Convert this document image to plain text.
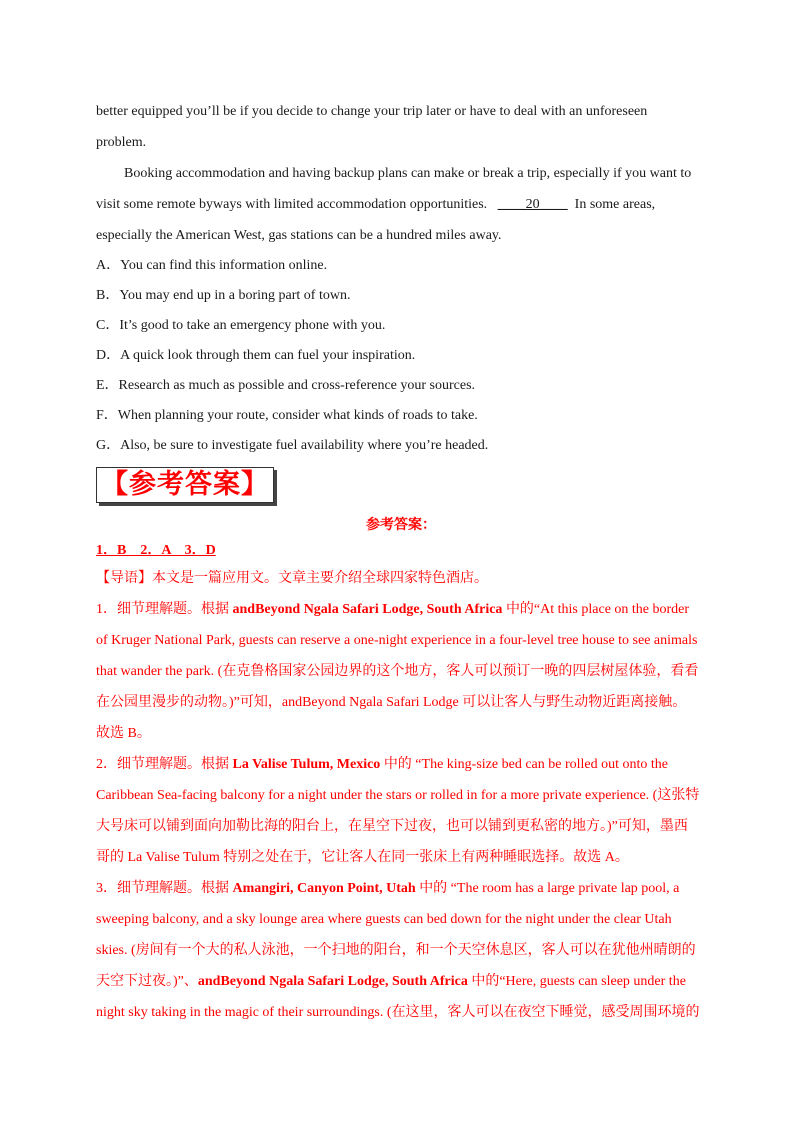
better equipped you’ll be if you decide to change your trip later or have to deal with an unforeseen

problem.

Booking accommodation and having backup plans can make or break a trip, especially if you want to

visit some remote byways with limited accommodation opportunities. ____20____ In some areas,

especially the American West, gas stations can be a hundred miles away.

A．You can find this information online.

B．You may end up in a boring part of town.

C．It’s good to take an emergency phone with you.

D．A quick look through them can fuel your inspiration.

E．Research as much as possible and cross-reference your sources.

F．When planning your route, consider what kinds of roads to take.

G．Also, be sure to investigate fuel availability where you’re headed.

【参考答案】

参考答案：

1．B　2．A　3．D

【导语】本文是一篇应用文。文章主要介绍全球四家特色酒店。

1．细节理解题。根据 andBeyond Ngala Safari Lodge, South Africa 中的“At this place on the border

of Kruger National Park, guests can reserve a one-night experience in a four-level tree house to see animals

that wander the park. (在克鲁格国家公园边界的这个地方，客人可以预订一晚的四层树屋体验，看看

在公园里漫步的动物。)”可知，andBeyond Ngala Safari Lodge 可以让客人与野生动物近距离接触。

故选 B。

2．细节理解题。根据 La Valise Tulum, Mexico 中的 “The king-size bed can be rolled out onto the

Caribbean Sea-facing balcony for a night under the stars or rolled in for a more private experience. (这张特

大号床可以铺到面向加勒比海的阳台上，在星空下过夜，也可以铺到更私密的地方。)”可知，墨西

哥的 La Valise Tulum 特别之处在于，它让客人在同一张床上有两种睡眠选择。故选 A。

3．细节理解题。根据 Amangiri, Canyon Point, Utah 中的 “The room has a large private lap pool, a

sweeping balcony, and a sky lounge area where guests can bed down for the night under the clear Utah

skies. (房间有一个大的私人泳池，一个扫地的阳台，和一个天空休息区，客人可以在犹他州晴朗的

天空下过夜。)”、andBeyond Ngala Safari Lodge, South Africa 中的“Here, guests can sleep under the

night sky taking in the magic of their surroundings. (在这里，客人可以在夜空下睡觉，感受周围环境的
